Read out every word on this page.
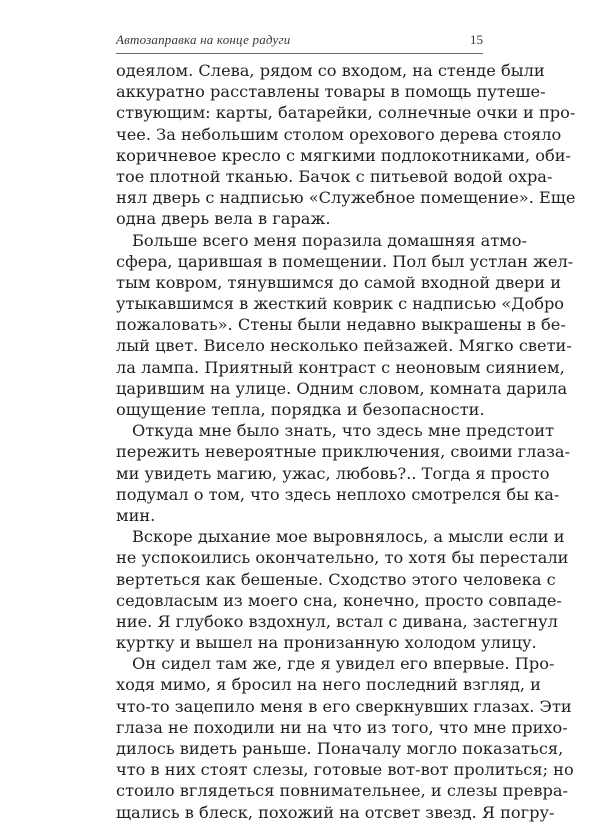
Автозаправка на конце радуги	15
одеялом. Слева, рядом со входом, на стенде были
аккуратно расставлены товары в помощь путеше-
ствующим: карты, батарейки, солнечные очки и про-
чее. За небольшим столом орехового дерева стояло
коричневое кресло с мягкими подлокотниками, оби-
тое плотной тканью. Бачок с питьевой водой охра-
нял дверь с надписью «Служебное помещение». Еще
одна дверь вела в гараж.
Больше всего меня поразила домашняя атмо-
сфера, царившая в помещении. Пол был устлан жел-
тым ковром, тянувшимся до самой входной двери и
утыкавшимся в жесткий коврик с надписью «Добро
пожаловать». Стены были недавно выкрашены в бе-
лый цвет. Висело несколько пейзажей. Мягко свети-
ла лампа. Приятный контраст с неоновым сиянием,
царившим на улице. Одним словом, комната дарила
ощущение тепла, порядка и безопасности.
Откуда мне было знать, что здесь мне предстоит
пережить невероятные приключения, своими глаза-
ми увидеть магию, ужас, любовь?.. Тогда я просто
подумал о том, что здесь неплохо смотрелся бы ка-
мин.
Вскоре дыхание мое выровнялось, а мысли если и
не успокоились окончательно, то хотя бы перестали
вертеться как бешеные. Сходство этого человека с
седовласым из моего сна, конечно, просто совпаде-
ние. Я глубоко вздохнул, встал с дивана, застегнул
куртку и вышел на пронизанную холодом улицу.
Он сидел там же, где я увидел его впервые. Про-
ходя мимо, я бросил на него последний взгляд, и
что-то зацепило меня в его сверкнувших глазах. Эти
глаза не походили ни на что из того, что мне прихо-
дилось видеть раньше. Поначалу могло показаться,
что в них стоят слезы, готовые вот-вот пролиться; но
стоило вглядеться повнимательнее, и слезы превра-
щались в блеск, похожий на отсвет звезд. Я погру-
